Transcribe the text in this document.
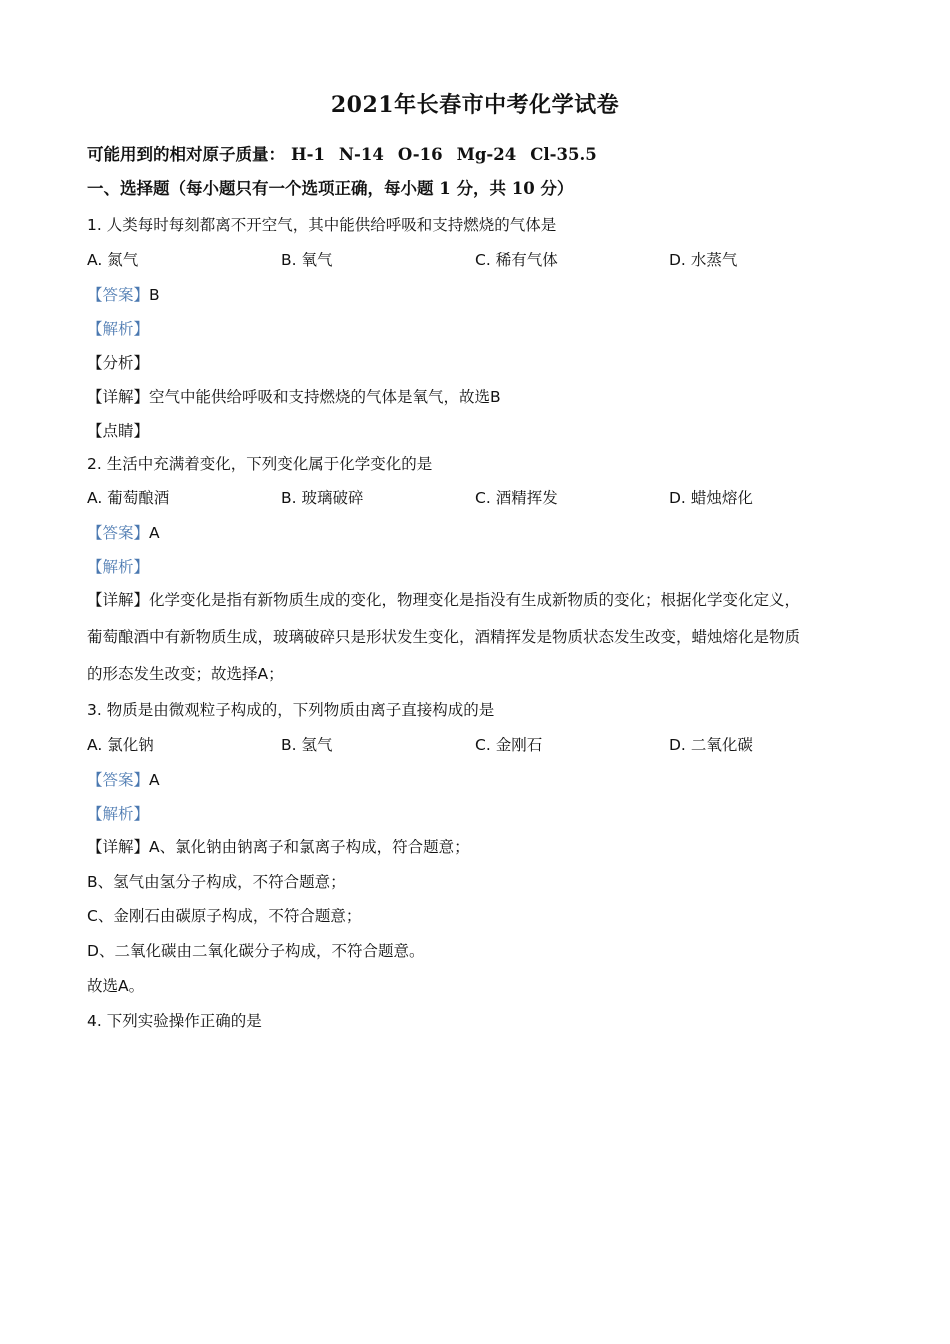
2021年长春市中考化学试卷
可能用到的相对原子质量： H-1 N-14 O-16 Mg-24 Cl-35.5
一、选择题（每小题只有一个选项正确，每小题 1 分，共 10 分）
1. 人类每时每刻都离不开空气，其中能供给呼吸和支持燃烧的气体是
A. 氮气	B. 氧气	C. 稀有气体	D. 水蒸气
【答案】B
【解析】
【分析】
【详解】空气中能供给呼吸和支持燃烧的气体是氧气，故选B
【点睛】
2. 生活中充满着变化，下列变化属于化学变化的是
A. 葡萄酿酒	B. 玻璃破碎	C. 酒精挥发	D. 蜡烛熔化
【答案】A
【解析】
【详解】化学变化是指有新物质生成的变化，物理变化是指没有生成新物质的变化；根据化学变化定义，
葡萄酿酒中有新物质生成，玻璃破碎只是形状发生变化，酒精挥发是物质状态发生改变，蜡烛熔化是物质
的形态发生改变；故选择A；
3. 物质是由微观粒子构成的，下列物质由离子直接构成的是
A. 氯化钠	B. 氢气	C. 金刚石	D. 二氧化碳
【答案】A
【解析】
【详解】A、氯化钠由钠离子和氯离子构成，符合题意；
B、氢气由氢分子构成，不符合题意；
C、金刚石由碳原子构成，不符合题意；
D、二氧化碳由二氧化碳分子构成，不符合题意。
故选A。
4. 下列实验操作正确的是
